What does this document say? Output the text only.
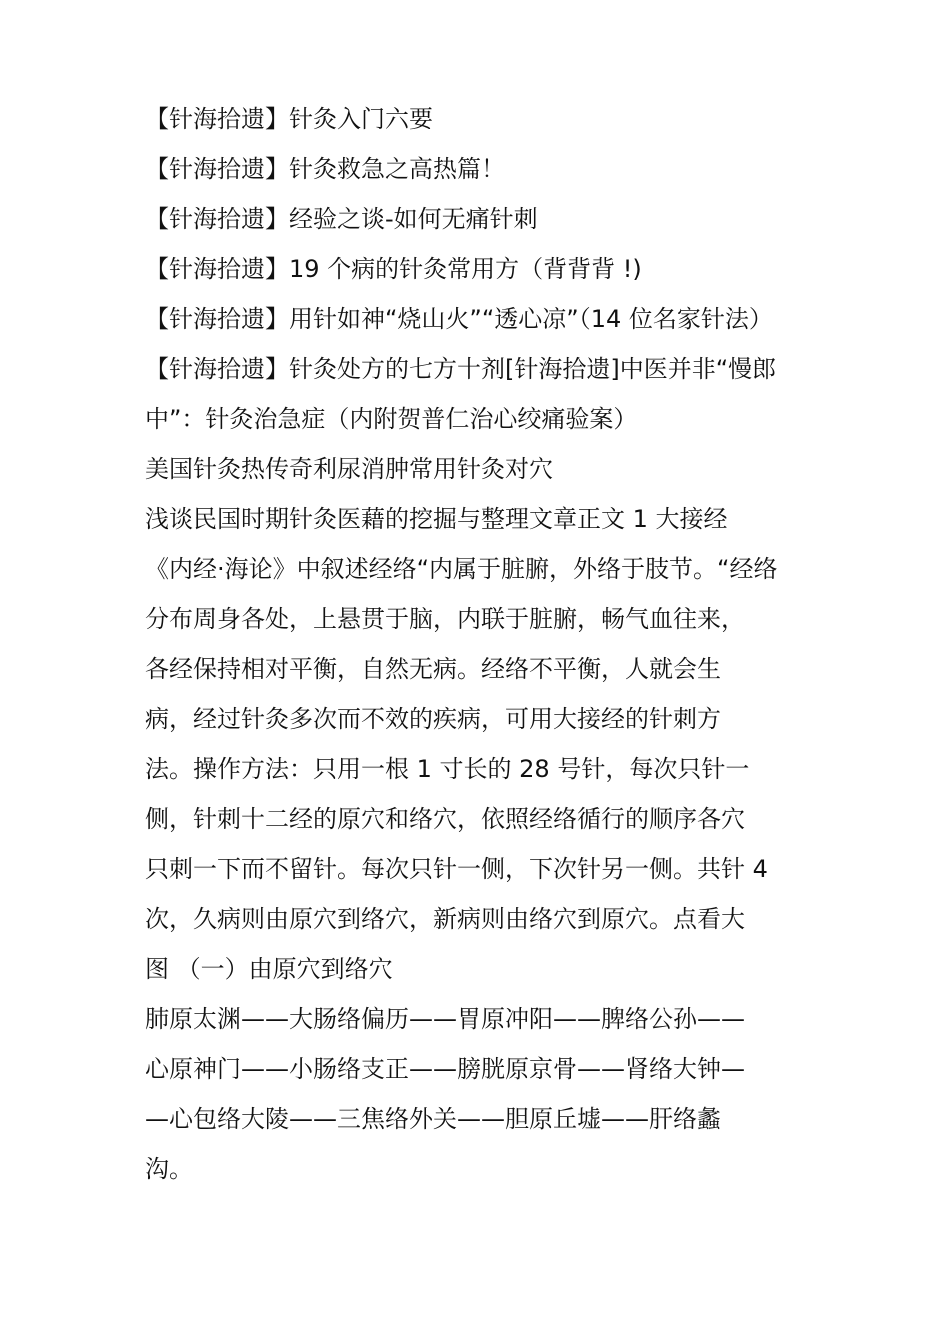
【针海拾遗】针灸入门六要
【针海拾遗】针灸救急之高热篇！
【针海拾遗】经验之谈-如何无痛针刺
【针海拾遗】19 个病的针灸常用方（背背背 !)
【针海拾遗】用针如神“烧山火”“透心凉”（14 位名家针法）
【针海拾遗】针灸处方的七方十剂[针海拾遗]中医并非“慢郎
中”：针灸治急症（内附贺普仁治心绞痛验案）
美国针灸热传奇利尿消肿常用针灸对穴
浅谈民国时期针灸医藉的挖掘与整理文章正文 1 大接经
《内经·海论》中叙述经络“内属于脏腑，外络于肢节。“经络
分布周身各处，上悬贯于脑，内联于脏腑，畅气血往来，
各经保持相对平衡，自然无病。经络不平衡，人就会生
病，经过针灸多次而不效的疾病，可用大接经的针刺方
法。操作方法：只用一根 1 寸长的 28 号针，每次只针一
侧，针刺十二经的原穴和络穴，依照经络循行的顺序各穴
只刺一下而不留针。每次只针一侧，下次针另一侧。共针 4
次，久病则由原穴到络穴，新病则由络穴到原穴。点看大
图 （一）由原穴到络穴
肺原太渊——大肠络偏历——胃原冲阳——脾络公孙——
心原神门——小肠络支正——膀胱原京骨——肾络大钟—
—心包络大陵——三焦络外关——胆原丘墟——肝络蠡
沟。
